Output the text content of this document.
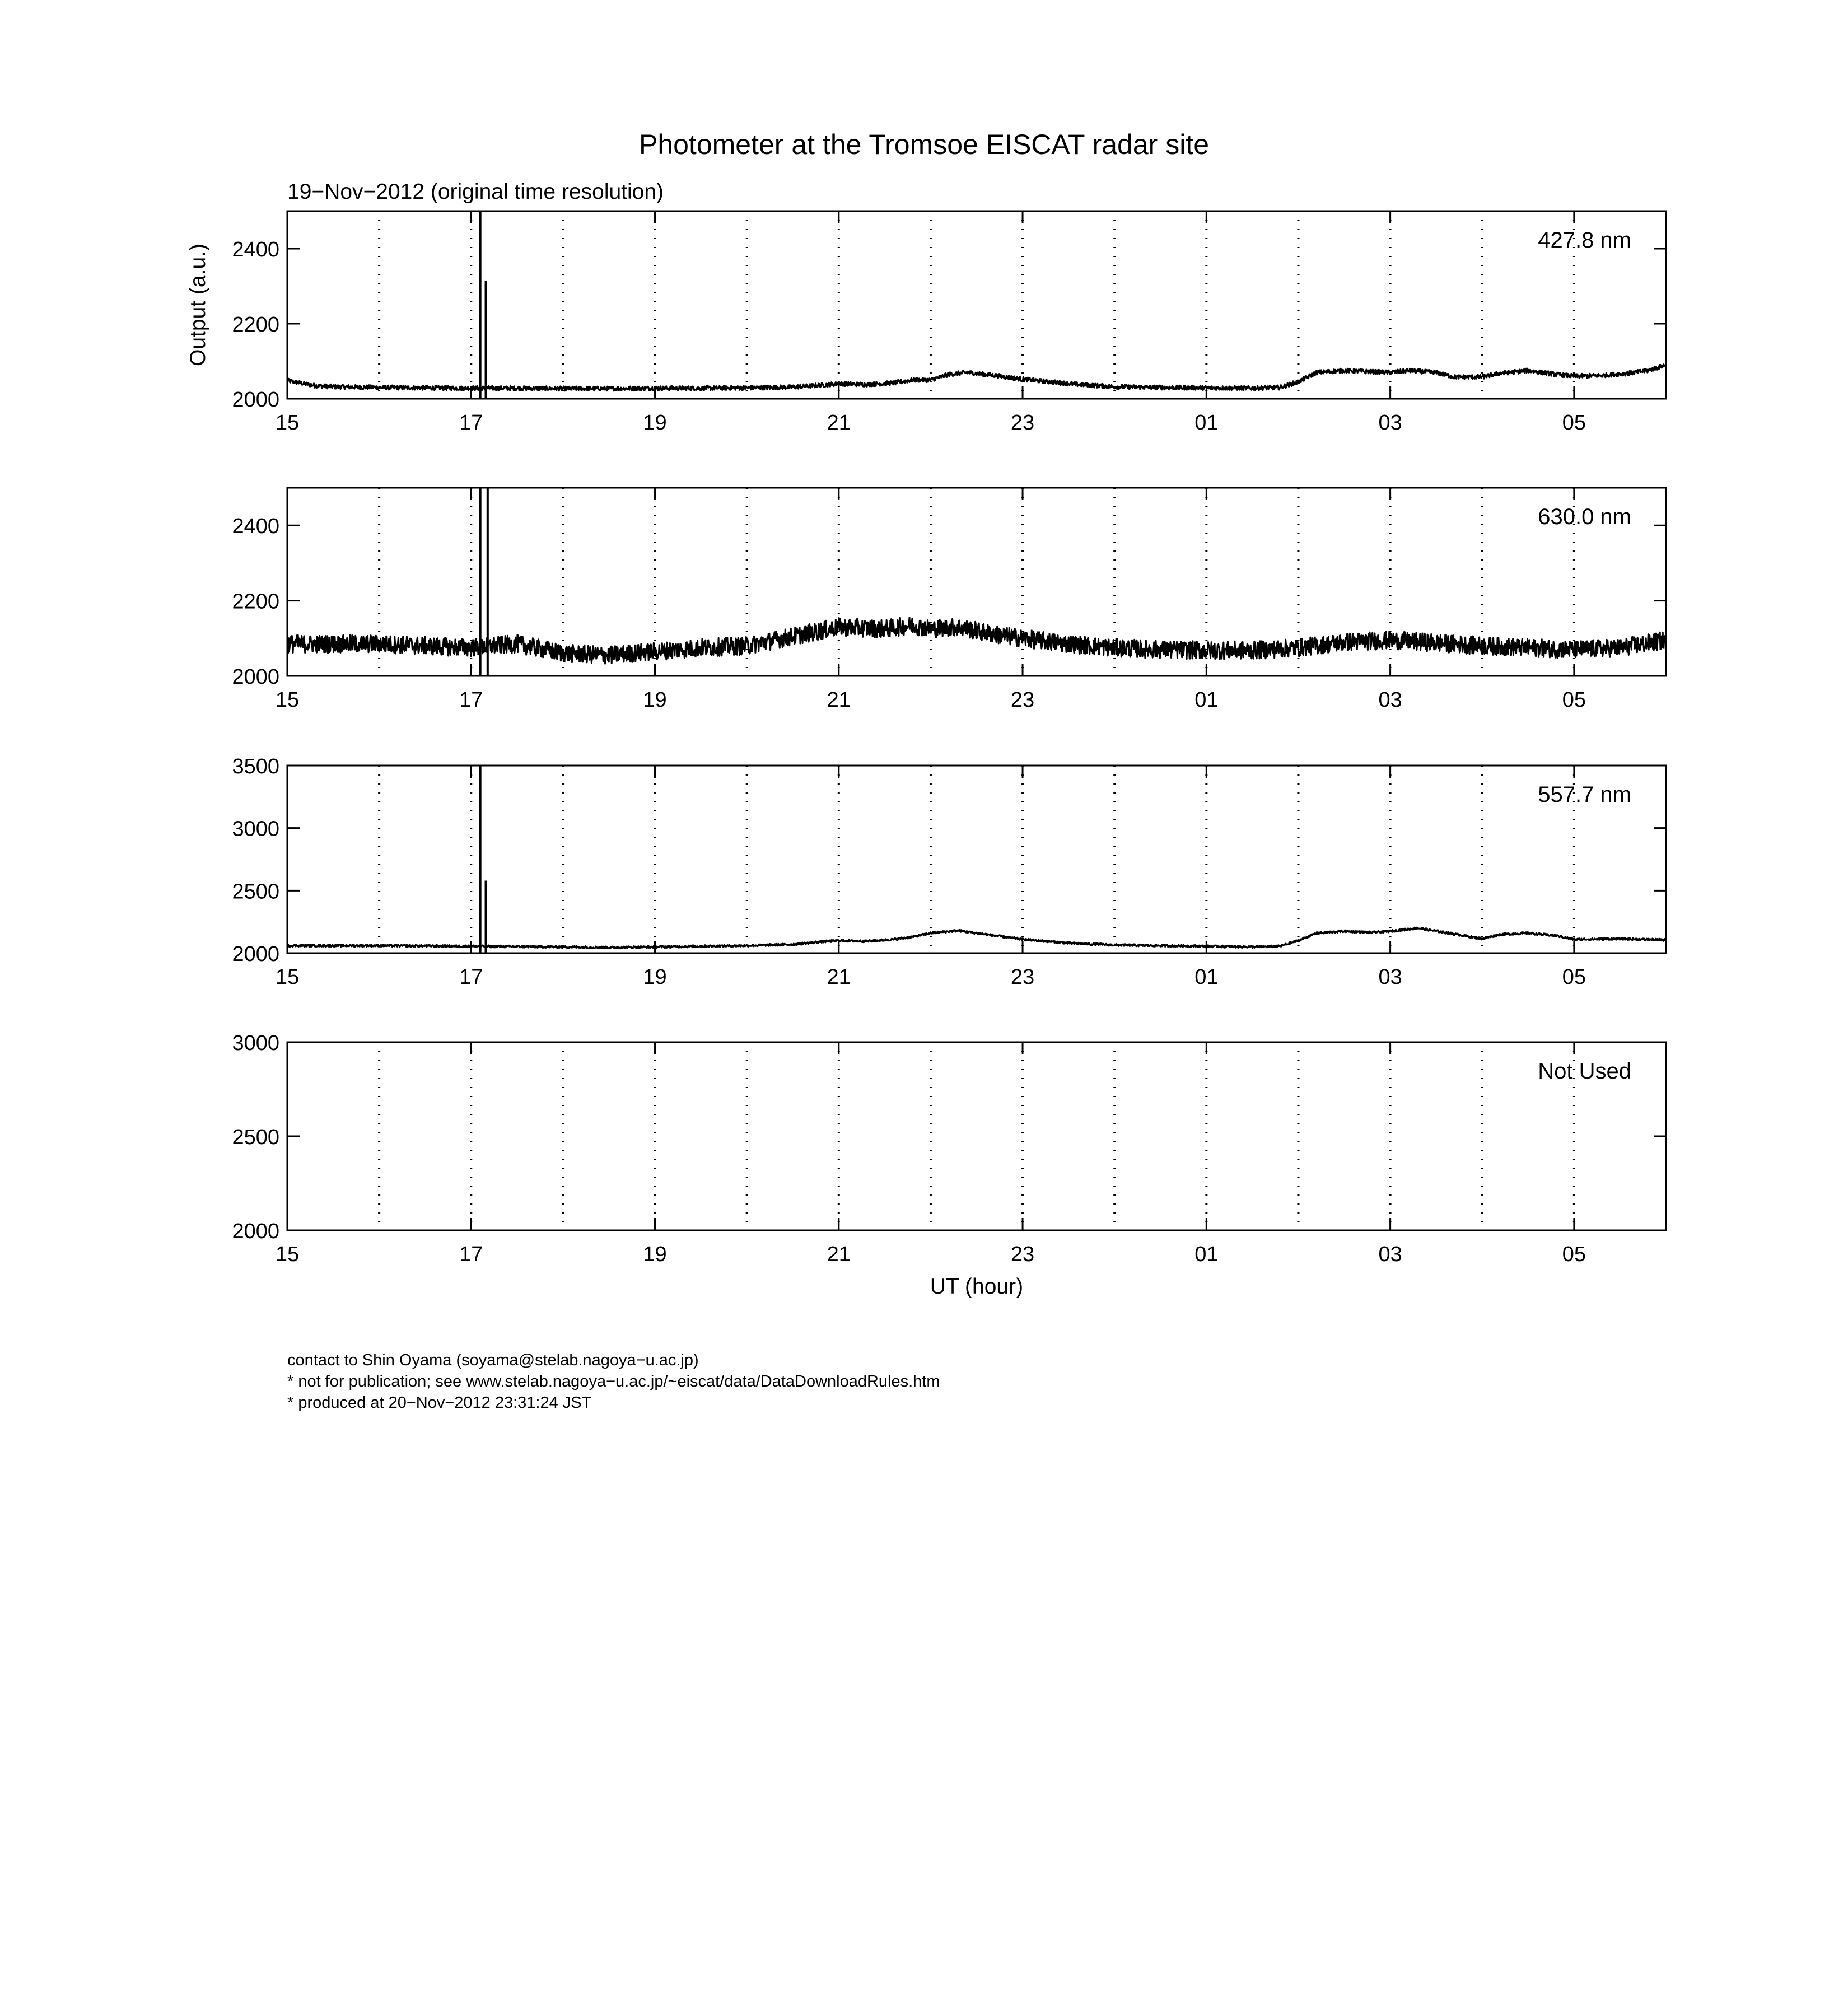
Photometer at the Tromsoe EISCAT radar site
19−Nov−2012 (original time resolution)
15	17	19	21	23	01	03	05
2000
2200
2400	427.8 nm
Output (a.u.)
15	17	19	21	23	01	03	05
2000
2200
2400	630.0 nm
15	17	19	21	23	01	03	05
2000
2500
3000
3500
557.7 nm
15	17	19	21	23	01	03	05
2000
2500
3000
Not Used
UT (hour)
contact to Shin Oyama (soyama@stelab.nagoya−u.ac.jp)
* not for publication; see www.stelab.nagoya−u.ac.jp/~eiscat/data/DataDownloadRules.htm
* produced at 20−Nov−2012 23:31:24 JST
